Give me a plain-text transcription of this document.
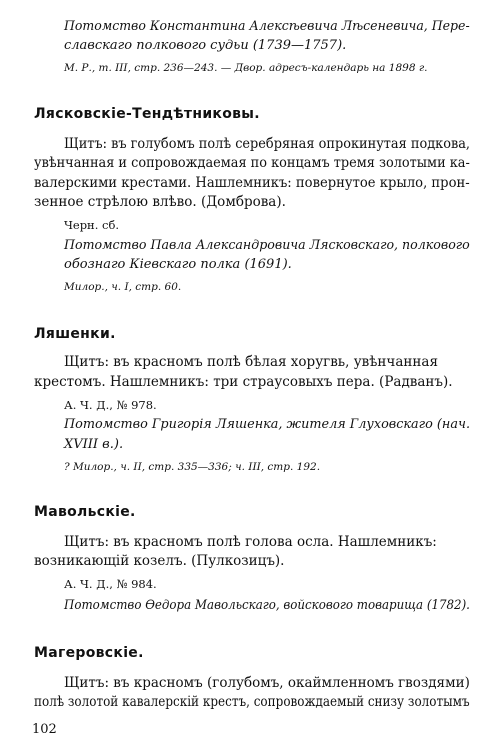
Потомство Константина Алексѣевича Лѣсеневича, Пере-
славскаго полкового судьи (1739—1757).
М. Р., т. III, стр. 236—243. — Двор. адресъ-календарь на 1898 г.
Лясковскіе-Тендѣтниковы.
Щитъ: въ голубомъ полѣ серебряная опрокинутая подкова,
увѣнчанная и сопровождаемая по концамъ тремя золотыми ка-
валерскими крестами. Нашлемникъ: повернутое крыло, прон-
зенное стрѣлою влѣво. (Домброва).
Черн. сб.
Потомство Павла Александровича Лясковскаго, полкового
обознаго Кіевскаго полка (1691).
Милор., ч. I, стр. 60.
Ляшенки.
Щитъ: въ красномъ полѣ бѣлая хоругвь, увѣнчанная
крестомъ. Нашлемникъ: три страусовыхъ пера. (Радванъ).
А. Ч. Д., № 978.
Потомство Григорія Ляшенка, жителя Глуховскаго (нач.
XVIII в.).
? Милор., ч. II, стр. 335—336; ч. III, стр. 192.
Мавольскіе.
Щитъ: въ красномъ полѣ голова осла. Нашлемникъ:
возникающій козелъ. (Пулкозицъ).
А. Ч. Д., № 984.
Потомство Ѳедора Мавольскаго, войскового товарища (1782).
Магеровскіе.
Щитъ: въ красномъ (голубомъ, окаймленномъ гвоздями)
полѣ золотой кавалерскій крестъ, сопровождаемый снизу золотымъ
102
